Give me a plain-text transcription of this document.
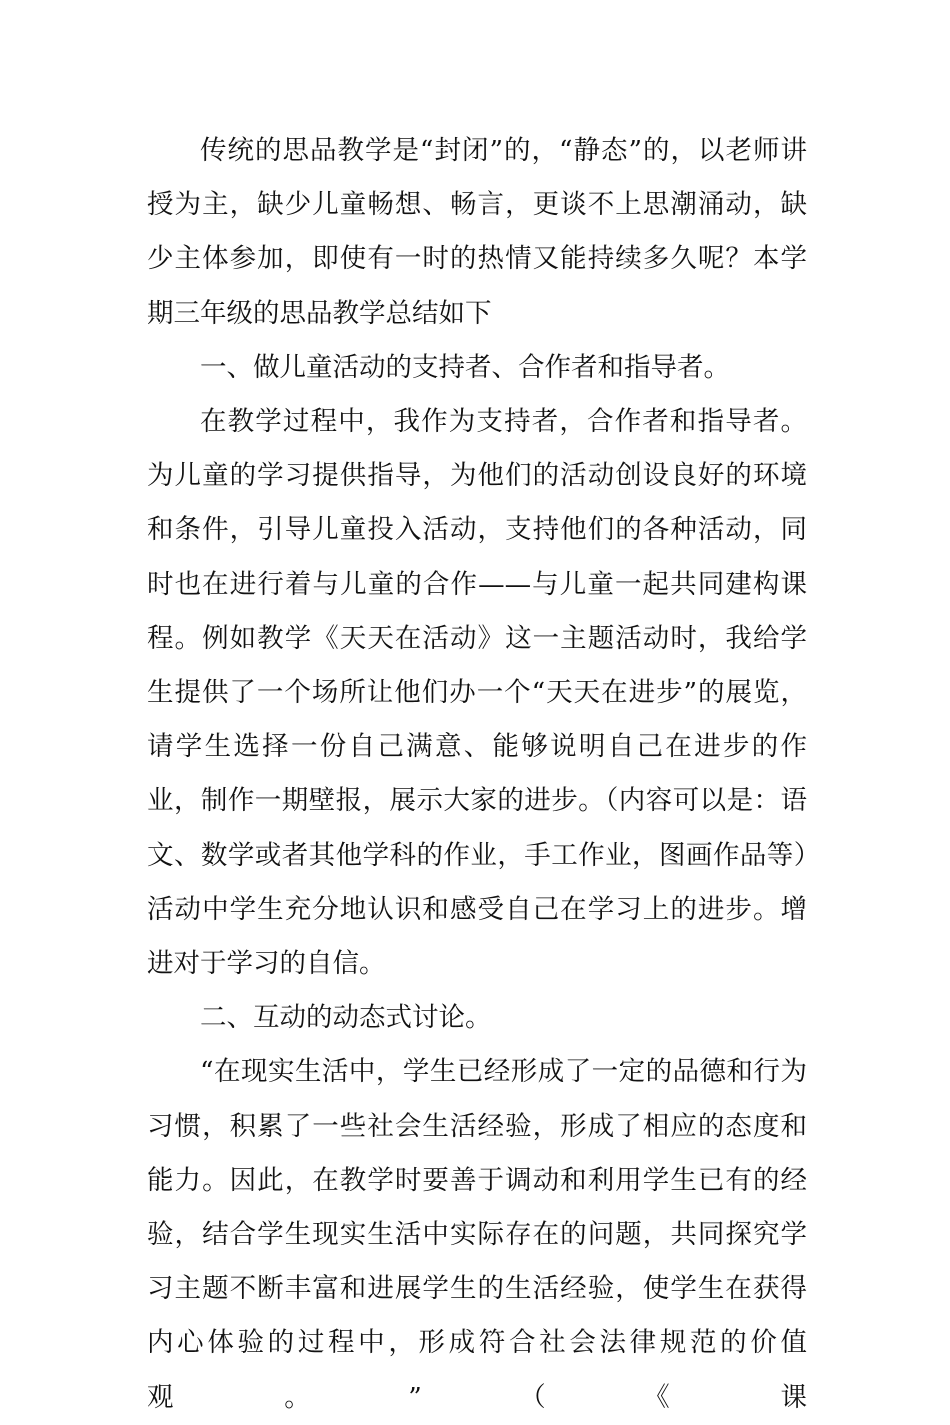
传统的思品教学是“封闭”的，“静态”的，以老师讲授为主，缺少儿童畅想、畅言，更谈不上思潮涌动，缺少主体参加，即使有一时的热情又能持续多久呢？本学期三年级的思品教学总结如下

一、做儿童活动的支持者、合作者和指导者。

在教学过程中，我作为支持者，合作者和指导者。为儿童的学习提供指导，为他们的活动创设良好的环境和条件，引导儿童投入活动，支持他们的各种活动，同时也在进行着与儿童的合作——与儿童一起共同建构课程。例如教学《天天在活动》这一主题活动时，我给学生提供了一个场所让他们办一个“天天在进步”的展览，请学生选择一份自己满意、能够说明自己在进步的作业，制作一期壁报，展示大家的进步。（内容可以是：语文、数学或者其他学科的作业，手工作业，图画作品等）活动中学生充分地认识和感受自己在学习上的进步。增进对于学习的自信。

二、互动的动态式讨论。

“在现实生活中，学生已经形成了一定的品德和行为习惯，积累了一些社会生活经验，形成了相应的态度和能力。因此，在教学时要善于调动和利用学生已有的经验，结合学生现实生活中实际存在的问题，共同探究学习主题不断丰富和进展学生的生活经验，使学生在获得内心体验的过程中，形成符合社会法律规范的价值观。”（《课
